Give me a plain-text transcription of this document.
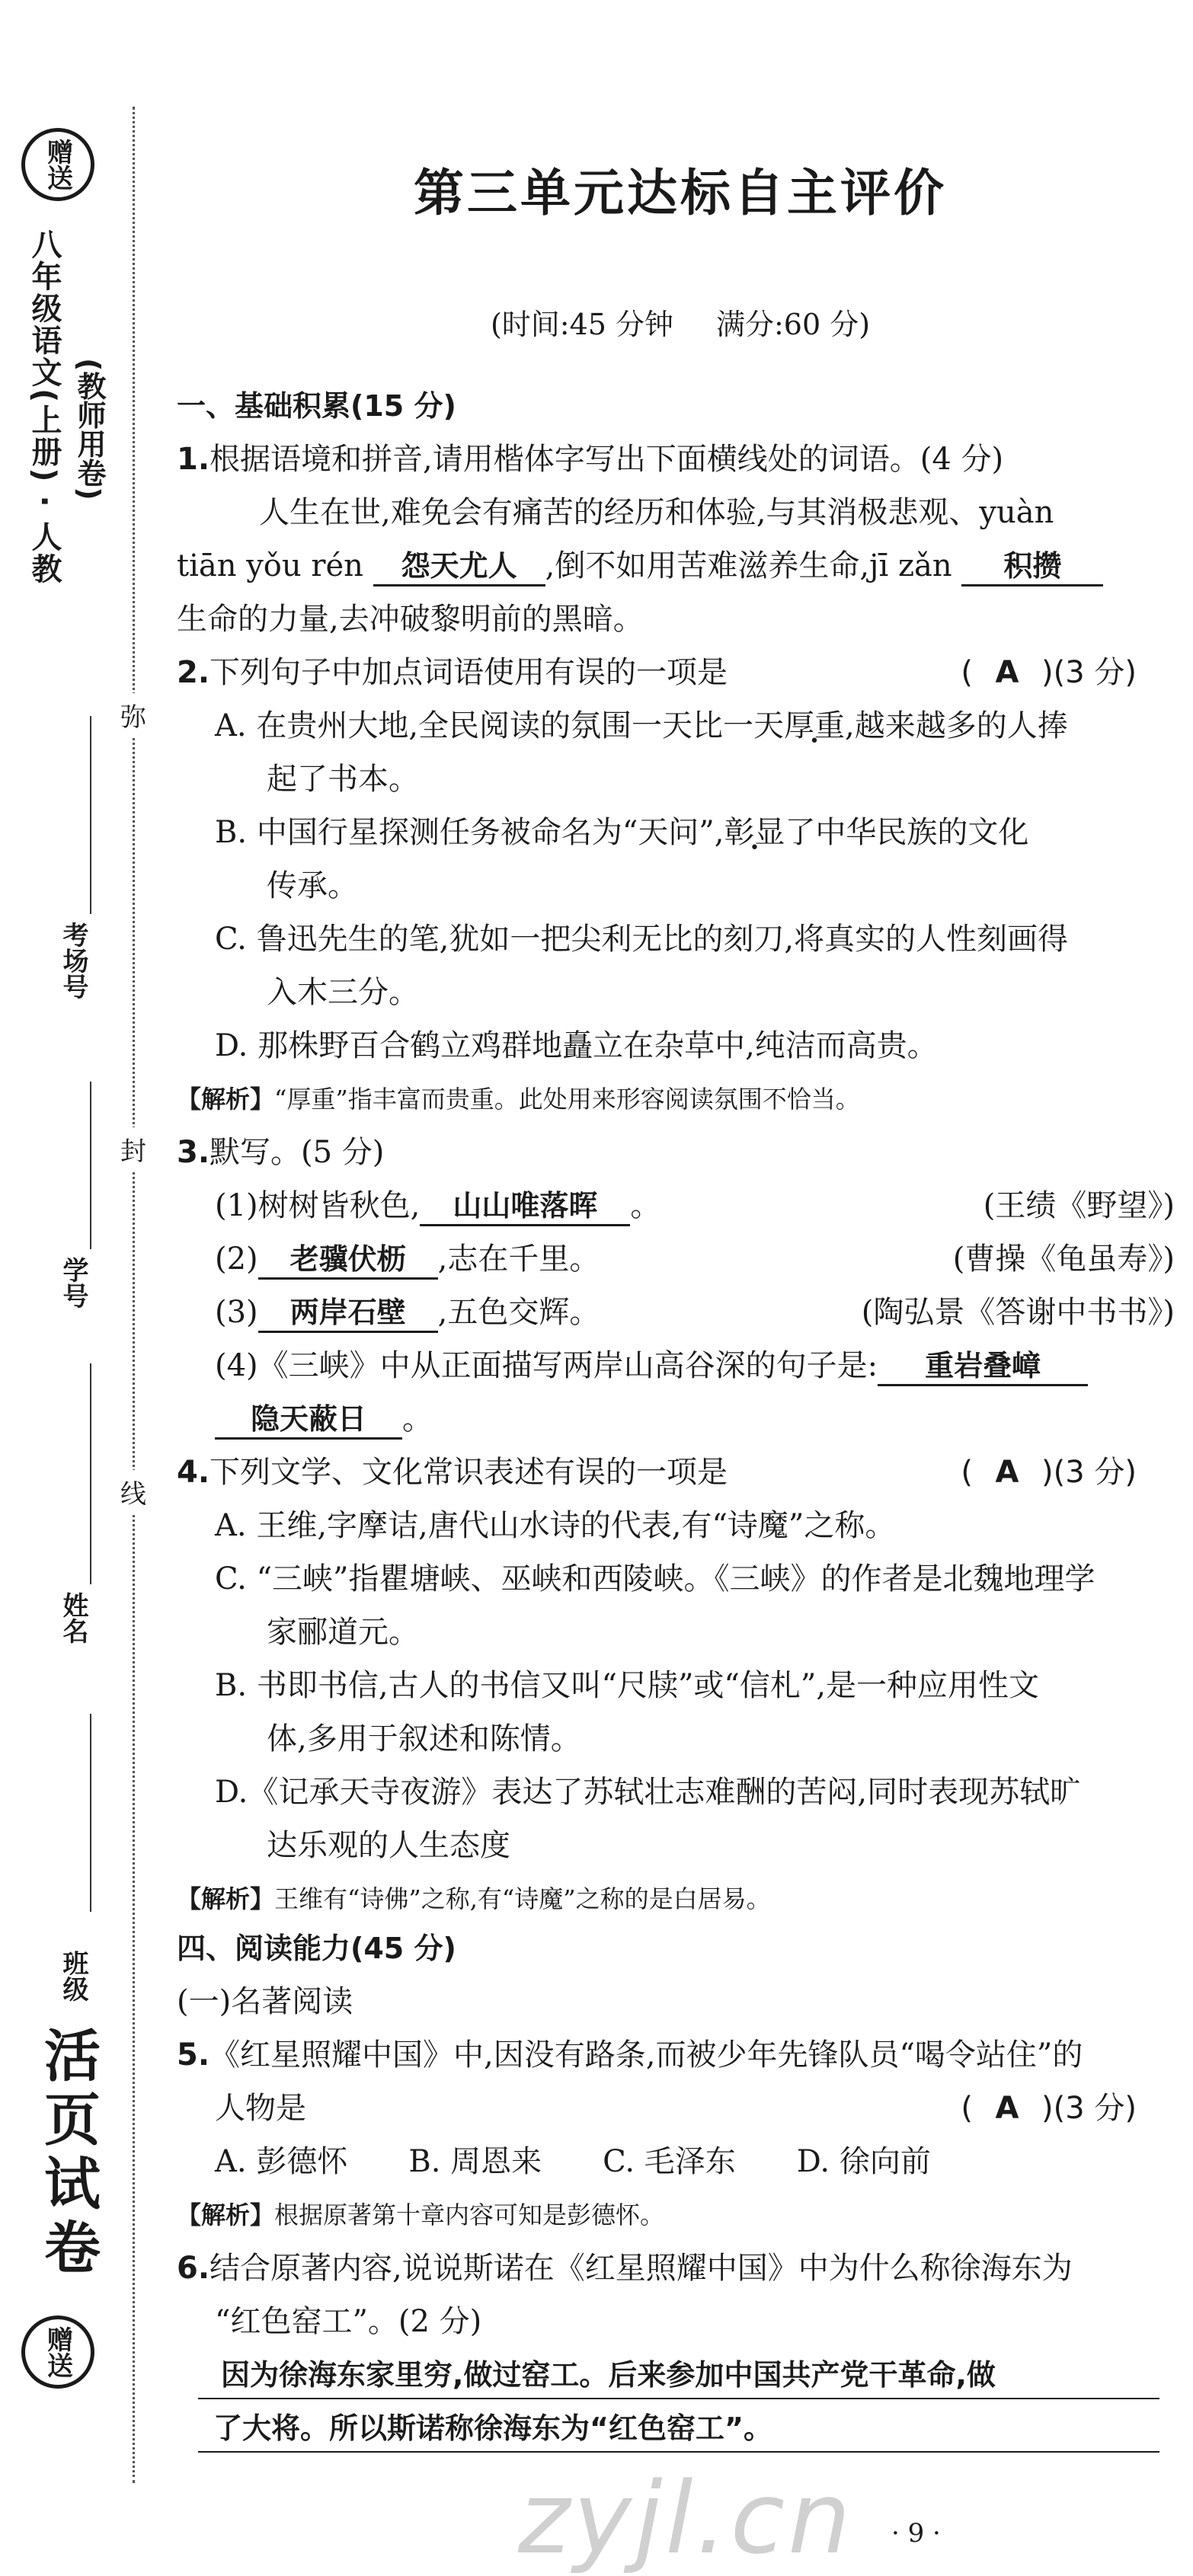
赠送
八年级语文(上册) · 人教 (教师用卷)
考场号
学号
姓名
班级
活页试卷
赠送
弥
封
线
第三单元达标自主评价
(时间:45 分钟 满分:60 分)
一、基础积累(15 分)
1.根据语境和拼音,请用楷体字写出下面横线处的词语。(4 分)
人生在世,难免会有痛苦的经历和体验,与其消极悲观、yuàn
tiān yǒu rén 怨天尤人 ,倒不如用苦难滋养生命,jī zǎn 积攒
生命的力量,去冲破黎明前的黑暗。
2.下列句子中加点词语使用有误的一项是	( A )(3 分)
A. 在贵州大地,全民阅读的氛围一天比一天厚重,越来越多的人捧
起了书本。
B. 中国行星探测任务被命名为“天问”,彰显了中华民族的文化
传承。
C. 鲁迅先生的笔,犹如一把尖利无比的刻刀,将真实的人性刻画得
入木三分。
D. 那株野百合鹤立鸡群地矗立在杂草中,纯洁而高贵。
【解析】“厚重”指丰富而贵重。此处用来形容阅读氛围不恰当。
3.默写。(5 分)
(1)树树皆秋色, 山山唯落晖 。	(王绩《野望》)
(2) 老骥伏枥 ,志在千里。	(曹操《龟虽寿》)
(3) 两岸石壁 ,五色交辉。	(陶弘景《答谢中书书》)
(4)《三峡》中从正面描写两岸山高谷深的句子是: 重岩叠嶂
隐天蔽日 。
4.下列文学、文化常识表述有误的一项是	( A )(3 分)
A. 王维,字摩诘,唐代山水诗的代表,有“诗魔”之称。
C. “三峡”指瞿塘峡、巫峡和西陵峡。《三峡》的作者是北魏地理学
家郦道元。
B. 书即书信,古人的书信又叫“尺牍”或“信札”,是一种应用性文
体,多用于叙述和陈情。
D.《记承天寺夜游》表达了苏轼壮志难酬的苦闷,同时表现苏轼旷
达乐观的人生态度
【解析】王维有“诗佛”之称,有“诗魔”之称的是白居易。
四、阅读能力(45 分)
(一)名著阅读
5.《红星照耀中国》中,因没有路条,而被少年先锋队员“喝令站住”的
人物是	( A )(3 分)
A. 彭德怀 B. 周恩来 C. 毛泽东 D. 徐向前
【解析】根据原著第十章内容可知是彭德怀。
6.结合原著内容,说说斯诺在《红星照耀中国》中为什么称徐海东为
“红色窑工”。(2 分)
因为徐海东家里穷,做过窑工。后来参加中国共产党干革命,做
了大将。所以斯诺称徐海东为“红色窑工”。
zyjl.cn · 9 ·
